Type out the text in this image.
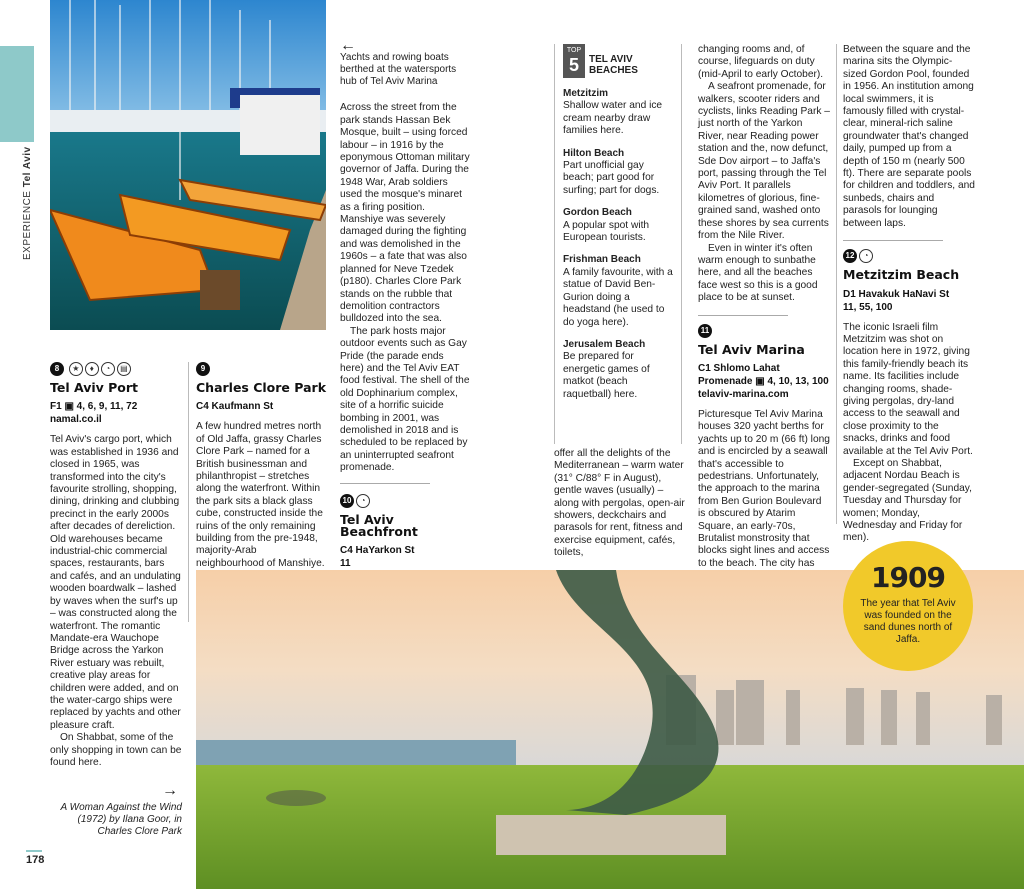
EXPERIENCE Tel Aviv
8 ★ ♦ ◔ ▤
Tel Aviv Port
F1 ▣ 4, 6, 9, 11, 72
namal.co.il

Tel Aviv's cargo port, which was established in 1936 and closed in 1965, was transformed into the city's favourite strolling, shopping, dining, drinking and clubbing precinct in the early 2000s after decades of dereliction. Old warehouses became industrial-chic commercial spaces, restaurants, bars and cafés, and an undulating wooden boardwalk – lashed by waves when the surf's up – was constructed along the waterfront. The romantic Mandate-era Wauchope Bridge across the Yarkon River estuary was rebuilt, creative play areas for children were added, and on the water-cargo ships were replaced by yachts and other pleasure craft.

On Shabbat, some of the only shopping in town can be found here.

9
Charles Clore Park
C4 Kaufmann St

A few hundred metres north of Old Jaffa, grassy Charles Clore Park – named for a British businessman and philanthropist – stretches along the waterfront. Within the park sits a black glass cube, constructed inside the ruins of the only remaining building from the pre-1948, majority-Arab neighbourhood of Manshiye.

→
A Woman Against the Wind (1972) by Ilana Goor, in Charles Clore Park
178
←

Yachts and rowing boats berthed at the watersports hub of Tel Aviv Marina

Across the street from the park stands Hassan Bek Mosque, built – using forced labour – in 1916 by the eponymous Ottoman military governor of Jaffa. During the 1948 War, Arab soldiers used the mosque's minaret as a firing position. Manshiye was severely damaged during the fighting and was demolished in the 1960s – a fate that was also planned for Neve Tzedek (p180). Charles Clore Park stands on the rubble that demolition contractors bulldozed into the sea.

The park hosts major outdoor events such as Gay Pride (the parade ends here) and the Tel Aviv EAT food festival. The shell of the old Dophinarium complex, site of a horrific suicide bombing in 2001, was demolished in 2018 and is scheduled to be replaced by an uninterrupted seafront promenade.

10 ◔
Tel Aviv Beachfront
C4 HaYarkon St
11

TOP
5	TEL AVIV BEACHES
Metzitzim

Shallow water and ice cream nearby draw families here.

Hilton Beach

Part unofficial gay beach; part good for surfing; part for dogs.

Gordon Beach

A popular spot with European tourists.

Frishman Beach

A family favourite, with a statue of David Ben-Gurion doing a headstand (he used to do yoga here).

Jerusalem Beach

Be prepared for energetic games of matkot (beach raquetball) here.

offer all the delights of the Mediterranean – warm water (31° C/88° F in August), gentle waves (usually) – along with pergolas, open-air showers, deckchairs and parasols for rent, fitness and exercise equipment, cafés, toilets,

changing rooms and, of course, lifeguards on duty (mid-April to early October).

A seafront promenade, for walkers, scooter riders and cyclists, links Reading Park – just north of the Yarkon River, near Reading power station and the, now defunct, Sde Dov airport – to Jaffa's port, passing through the Tel Aviv Port. It parallels kilometres of glorious, fine-grained sand, washed onto these shores by sea currents from the Nile River.

Even in winter it's often warm enough to sunbathe here, and all the beaches face west so this is a good place to be at sunset.

11
Tel Aviv Marina
C1 Shlomo Lahat Promenade ▣ 4, 10, 13, 100 telaviv-marina.com

Picturesque Tel Aviv Marina houses 320 yacht berths for yachts up to 20 m (66 ft) long and is encircled by a seawall that's accessible to pedestrians. Unfortunately, the approach to the marina from Ben Gurion Boulevard is obscured by Atarim Square, an early-70s, Brutalist monstrosity that blocks sight lines and access to the beach. The city has

Between the square and the marina sits the Olympic-sized Gordon Pool, founded in 1956. An institution among local swimmers, it is famously filled with crystal-clear, mineral-rich saline groundwater that's changed daily, pumped up from a depth of 150 m (nearly 500 ft). There are separate pools for children and toddlers, and sunbeds, chairs and parasols for lounging between laps.

12 ◔
Metzitzim Beach
D1 Havakuk HaNavi St
11, 55, 100

The iconic Israeli film Metzitzim was shot on location here in 1972, giving this family-friendly beach its name. Its facilities include changing rooms, shade-giving pergolas, dry-land access to the seawall and close proximity to the snacks, drinks and food available at the Tel Aviv Port.

Except on Shabbat, adjacent Nordau Beach is gender-segregated (Sunday, Tuesday and Thursday for women; Monday, Wednesday and Friday for men).

1909
The year that Tel Aviv was founded on the sand dunes north of Jaffa.
